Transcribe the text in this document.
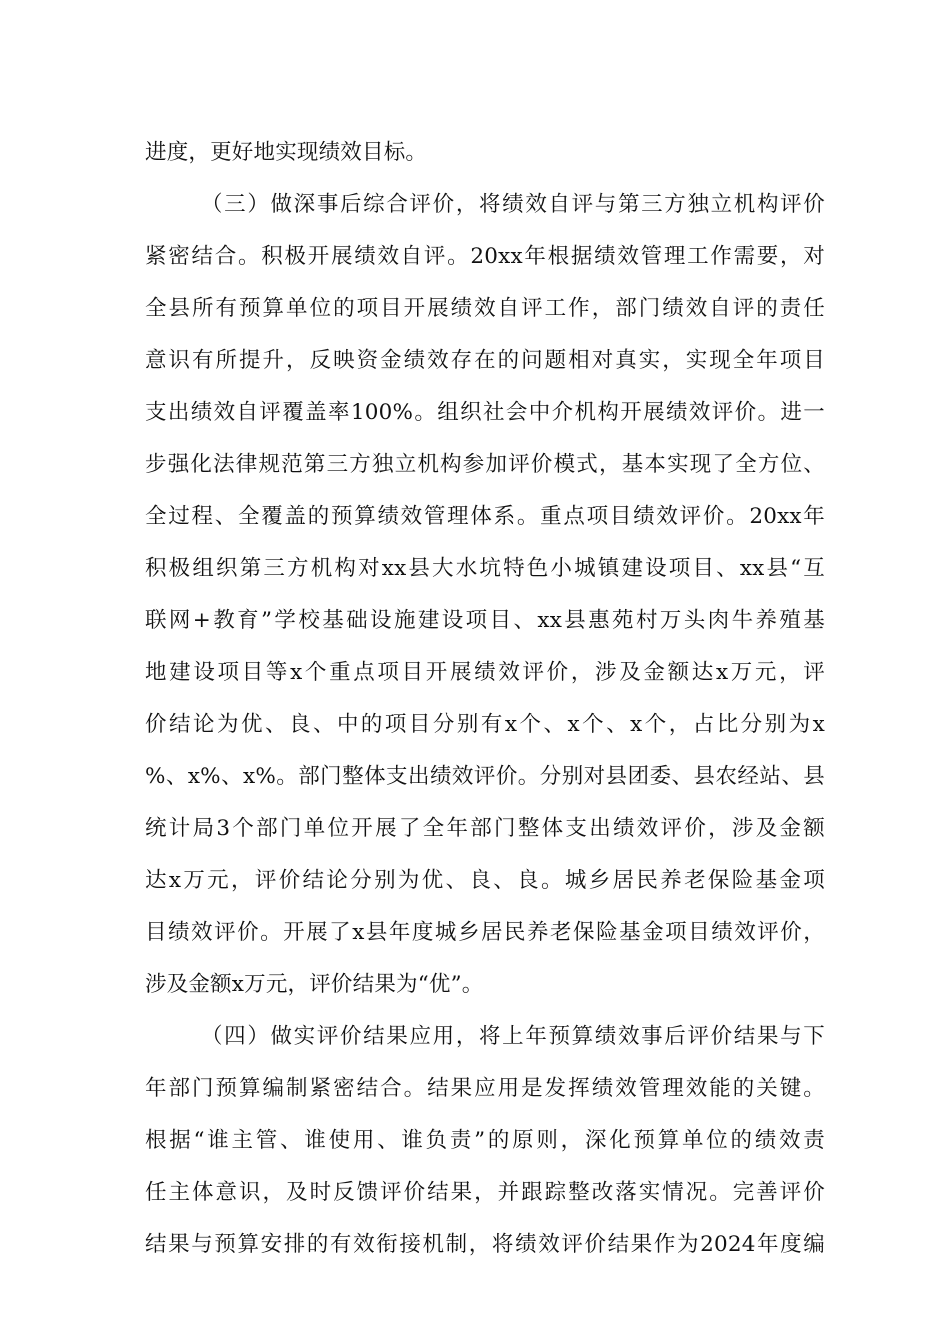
进度，更好地实现绩效目标。
（三）做深事后综合评价，将绩效自评与第三方独立机构评价
紧密结合。积极开展绩效自评。20xx年根据绩效管理工作需要，对
全县所有预算单位的项目开展绩效自评工作，部门绩效自评的责任
意识有所提升，反映资金绩效存在的问题相对真实，实现全年项目
支出绩效自评覆盖率100%。组织社会中介机构开展绩效评价。进一
步强化法律规范第三方独立机构参加评价模式，基本实现了全方位、
全过程、全覆盖的预算绩效管理体系。重点项目绩效评价。20xx年
积极组织第三方机构对xx县大水坑特色小城镇建设项目、xx县“互
联网+教育”学校基础设施建设项目、xx县惠苑村万头肉牛养殖基
地建设项目等x个重点项目开展绩效评价，涉及金额达x万元，评
价结论为优、良、中的项目分别有x个、x个、x个，占比分别为x
%、x%、x%。部门整体支出绩效评价。分别对县团委、县农经站、县
统计局3个部门单位开展了全年部门整体支出绩效评价，涉及金额
达x万元，评价结论分别为优、良、良。城乡居民养老保险基金项
目绩效评价。开展了x县年度城乡居民养老保险基金项目绩效评价，
涉及金额x万元，评价结果为“优”。
（四）做实评价结果应用，将上年预算绩效事后评价结果与下
年部门预算编制紧密结合。结果应用是发挥绩效管理效能的关键。
根据“谁主管、谁使用、谁负责”的原则，深化预算单位的绩效责
任主体意识，及时反馈评价结果，并跟踪整改落实情况。完善评价
结果与预算安排的有效衔接机制，将绩效评价结果作为2024年度编
